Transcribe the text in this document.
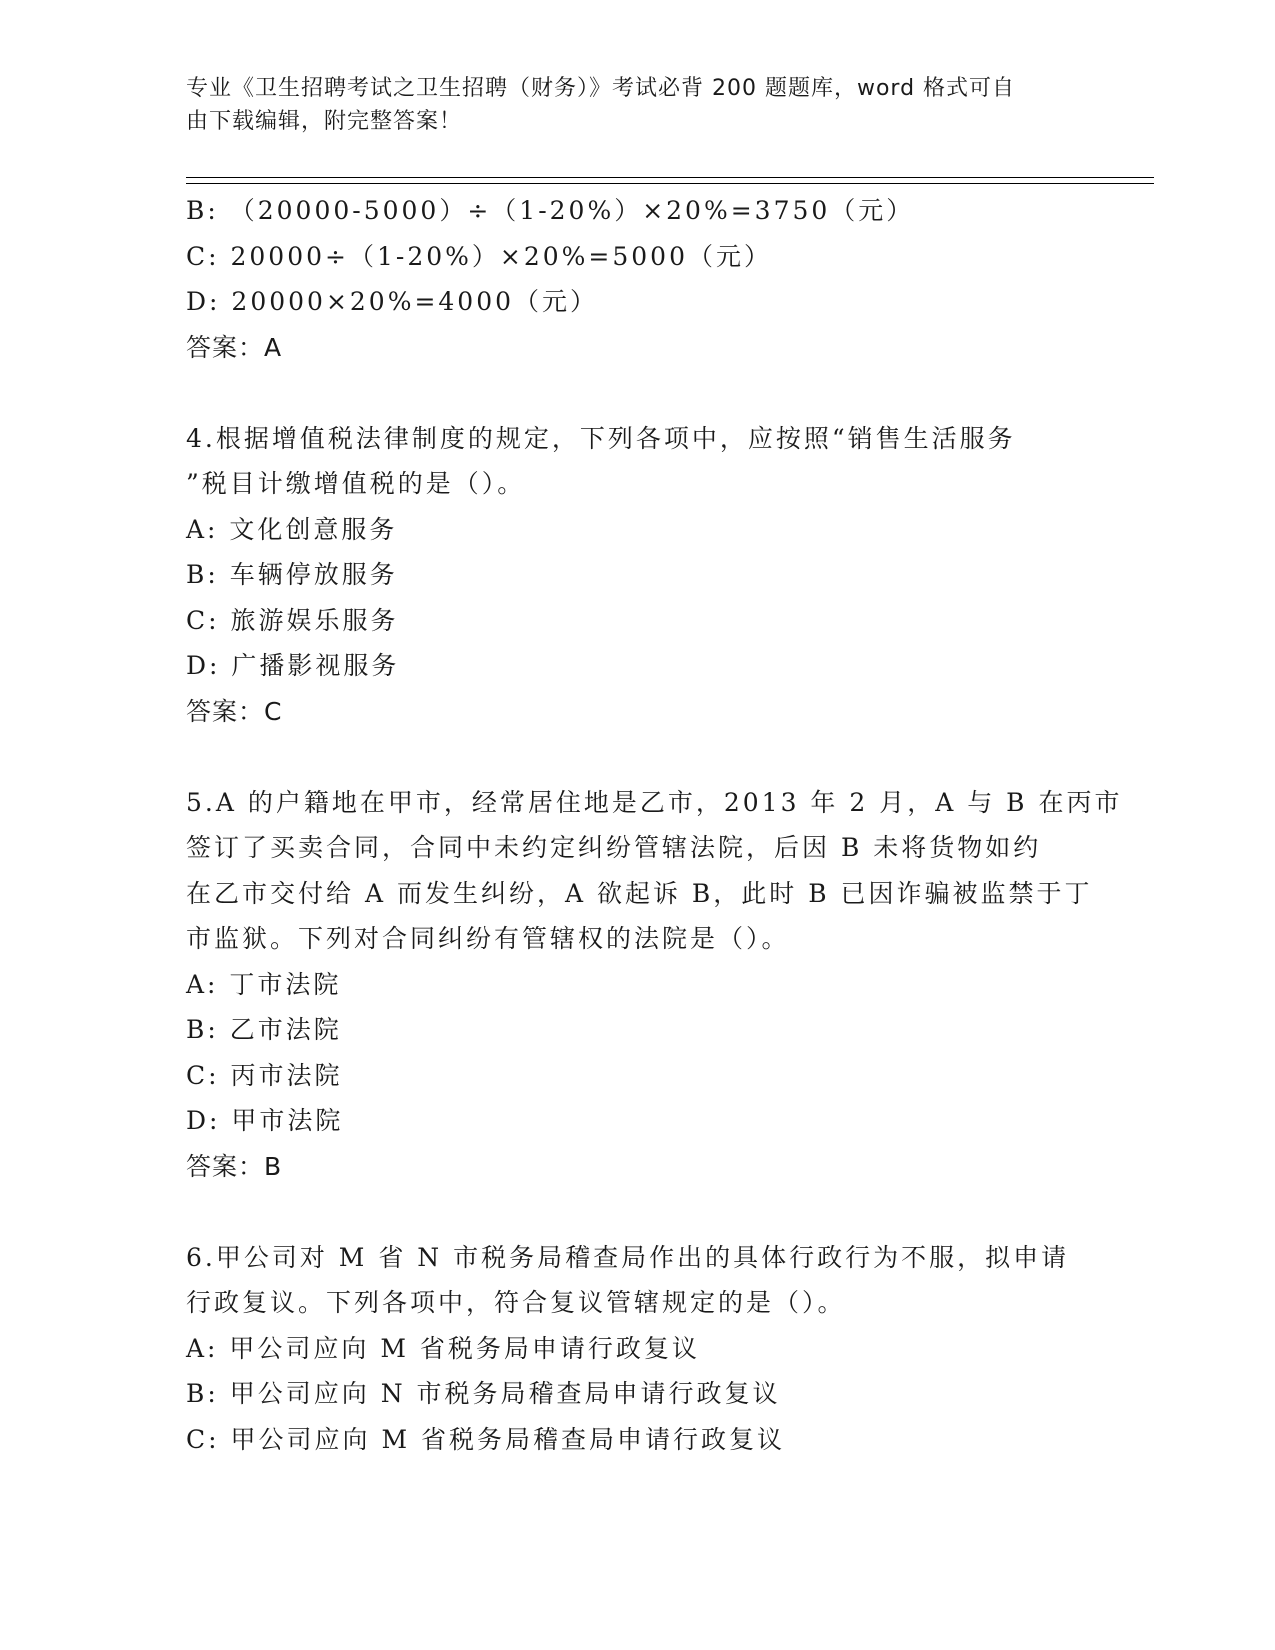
专业《卫生招聘考试之卫生招聘（财务）》考试必背 200 题题库，word 格式可自
由下载编辑，附完整答案！
B: （20000-5000）÷（1-20%）×20%=3750（元）
C: 20000÷（1-20%）×20%=5000（元）
D: 20000×20%=4000（元）
答案：A
4.根据增值税法律制度的规定，下列各项中，应按照“销售生活服务
”税目计缴增值税的是（）。
A: 文化创意服务
B: 车辆停放服务
C: 旅游娱乐服务
D: 广播影视服务
答案：C
5.A 的户籍地在甲市，经常居住地是乙市，2013 年 2 月，A 与 B 在丙市
签订了买卖合同，合同中未约定纠纷管辖法院，后因 B 未将货物如约
在乙市交付给 A 而发生纠纷，A 欲起诉 B，此时 B 已因诈骗被监禁于丁
市监狱。下列对合同纠纷有管辖权的法院是（）。
A: 丁市法院
B: 乙市法院
C: 丙市法院
D: 甲市法院
答案：B
6.甲公司对 M 省 N 市税务局稽查局作出的具体行政行为不服，拟申请
行政复议。下列各项中，符合复议管辖规定的是（）。
A: 甲公司应向 M 省税务局申请行政复议
B: 甲公司应向 N 市税务局稽查局申请行政复议
C: 甲公司应向 M 省税务局稽查局申请行政复议
